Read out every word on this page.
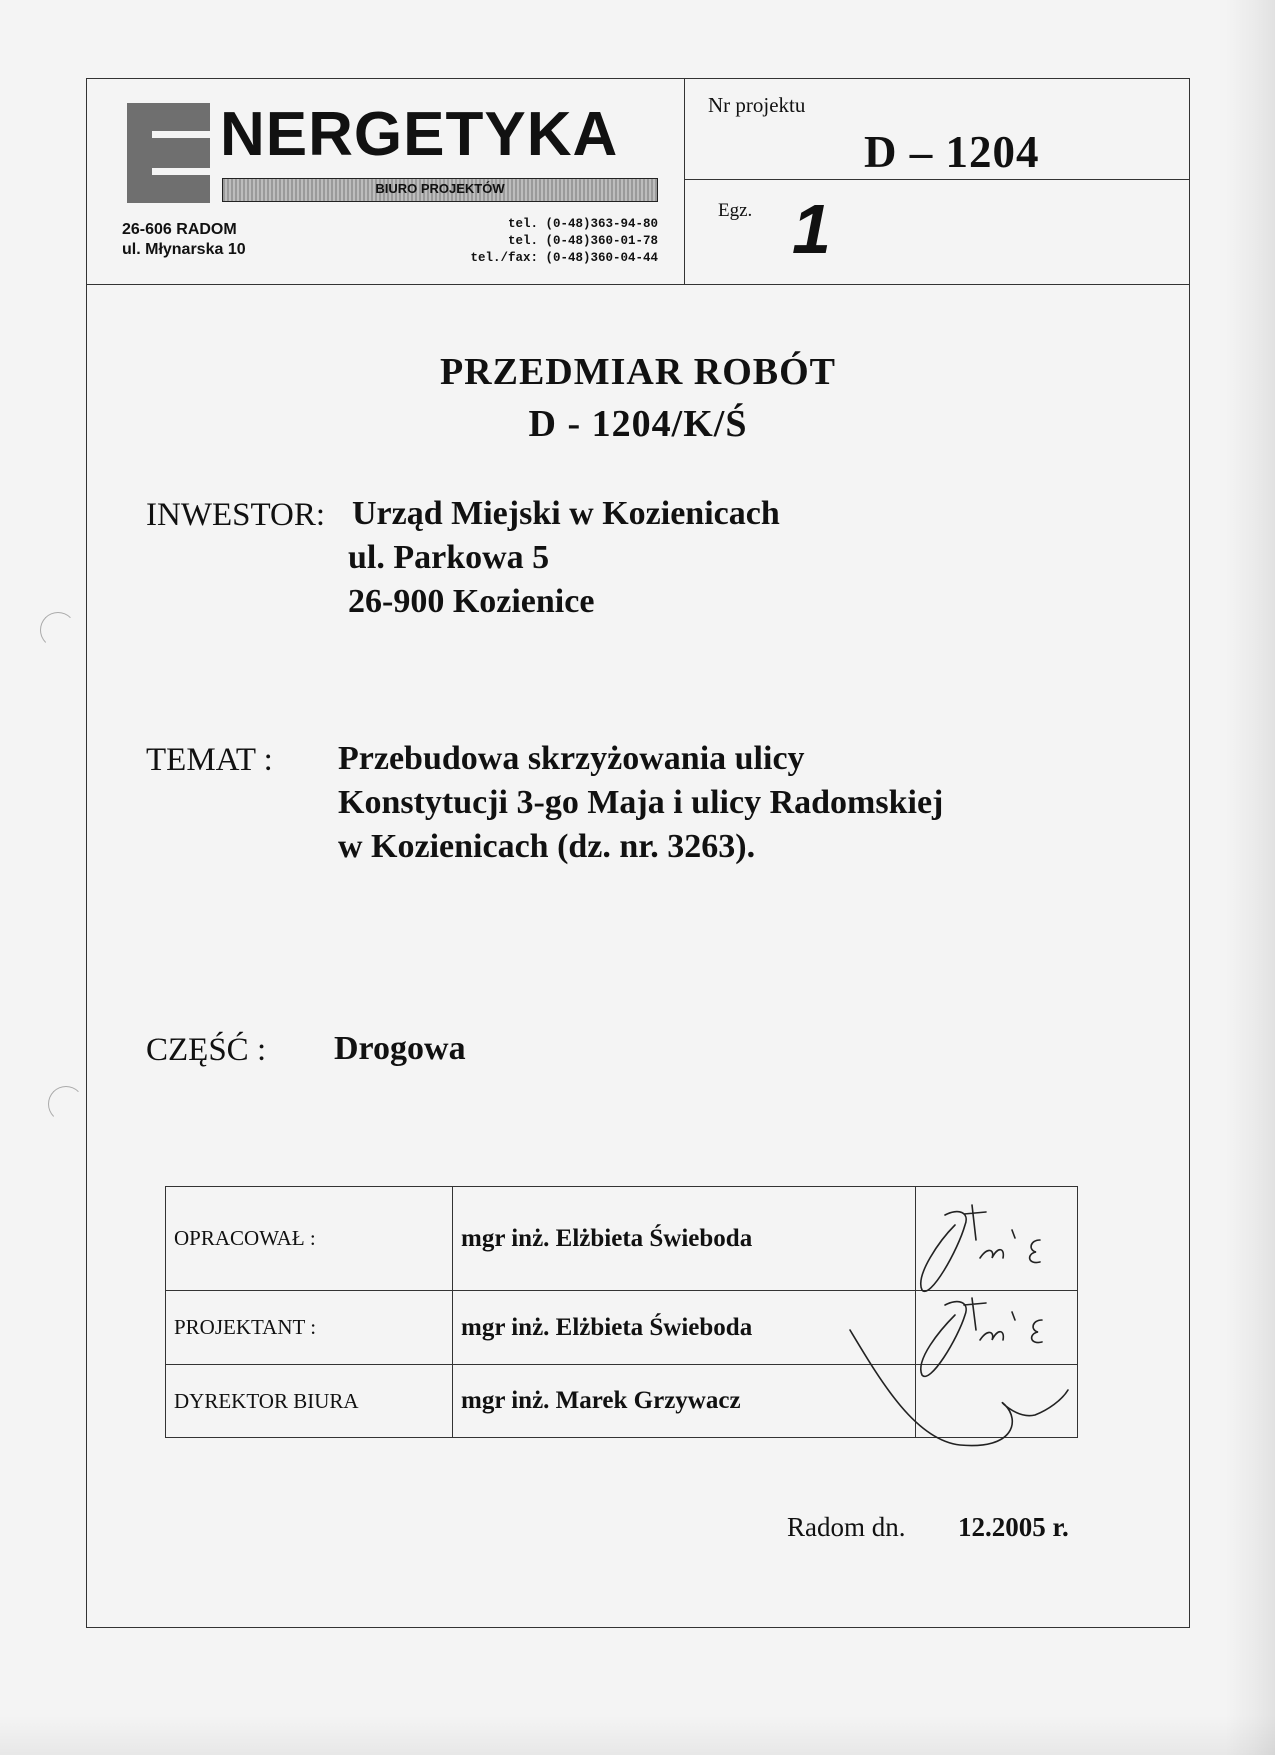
NERGETYKA
BIURO PROJEKTÓW
26-606 RADOM
ul. Młynarska 10
tel. (0-48)363-94-80
tel. (0-48)360-01-78
tel./fax: (0-48)360-04-44
Nr projektu
D – 1204
Egz. 1
PRZEDMIAR ROBÓT
D - 1204/K/Ś
INWESTOR: Urząd Miejski w Kozienicach
ul. Parkowa 5
26-900 Kozienice
TEMAT : Przebudowa skrzyżowania ulicy
Konstytucji 3-go Maja i ulicy Radomskiej
w Kozienicach (dz. nr. 3263).
CZĘŚĆ : Drogowa
OPRACOWAŁ :	mgr inż. Elżbieta Świeboda	
PROJEKTANT :	mgr inż. Elżbieta Świeboda	
DYREKTOR BIURA	mgr inż. Marek Grzywacz	
Radom dn. 12.2005 r.
